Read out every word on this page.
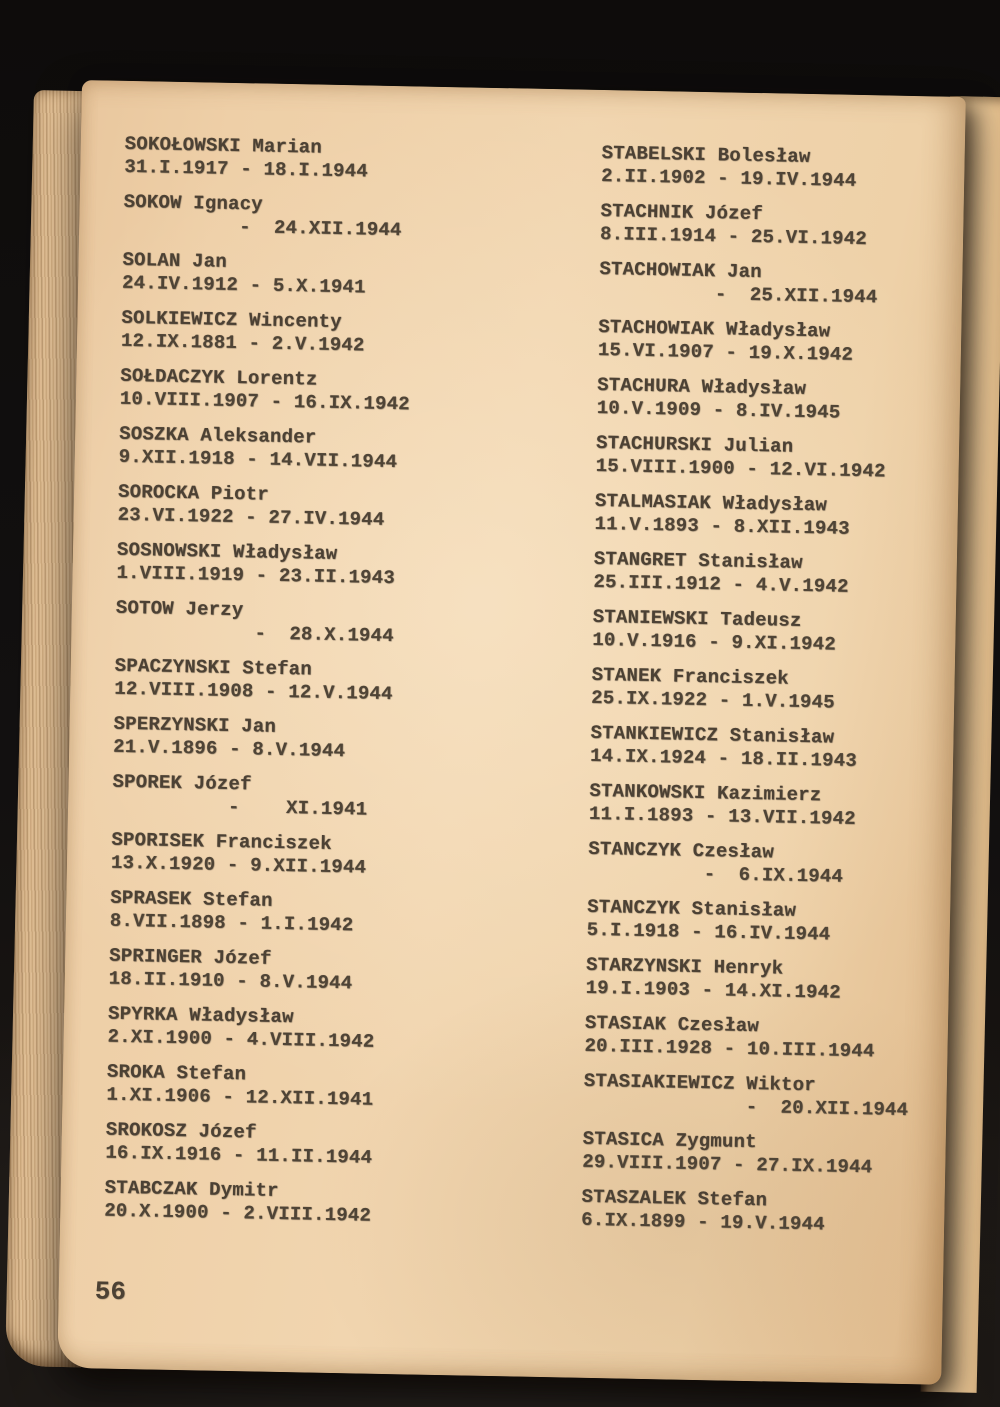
SOKOŁOWSKI Marian
31.I.1917 - 18.I.1944
SOKOW Ignacy
-  24.XII.1944
SOLAN Jan
24.IV.1912 - 5.X.1941
SOLKIEWICZ Wincenty
12.IX.1881 - 2.V.1942
SOŁDACZYK Lorentz
10.VIII.1907 - 16.IX.1942
SOSZKA Aleksander
9.XII.1918 - 14.VII.1944
SOROCKA Piotr
23.VI.1922 - 27.IV.1944
SOSNOWSKI Władysław
1.VIII.1919 - 23.II.1943
SOTOW Jerzy
-  28.X.1944
SPACZYNSKI Stefan
12.VIII.1908 - 12.V.1944
SPERZYNSKI Jan
21.V.1896 - 8.V.1944
SPOREK Józef
-    XI.1941
SPORISEK Franciszek
13.X.1920 - 9.XII.1944
SPRASEK Stefan
8.VII.1898 - 1.I.1942
SPRINGER Józef
18.II.1910 - 8.V.1944
SPYRKA Władysław
2.XI.1900 - 4.VIII.1942
SROKA Stefan
1.XI.1906 - 12.XII.1941
SROKOSZ Józef
16.IX.1916 - 11.II.1944
STABCZAK Dymitr
20.X.1900 - 2.VIII.1942
STABELSKI Bolesław
2.II.1902 - 19.IV.1944
STACHNIK Józef
8.III.1914 - 25.VI.1942
STACHOWIAK Jan
-  25.XII.1944
STACHOWIAK Władysław
15.VI.1907 - 19.X.1942
STACHURA Władysław
10.V.1909 - 8.IV.1945
STACHURSKI Julian
15.VIII.1900 - 12.VI.1942
STALMASIAK Władysław
11.V.1893 - 8.XII.1943
STANGRET Stanisław
25.III.1912 - 4.V.1942
STANIEWSKI Tadeusz
10.V.1916 - 9.XI.1942
STANEK Franciszek
25.IX.1922 - 1.V.1945
STANKIEWICZ Stanisław
14.IX.1924 - 18.II.1943
STANKOWSKI Kazimierz
11.I.1893 - 13.VII.1942
STANCZYK Czesław
-  6.IX.1944
STANCZYK Stanisław
5.I.1918 - 16.IV.1944
STARZYNSKI Henryk
19.I.1903 - 14.XI.1942
STASIAK Czesław
20.III.1928 - 10.III.1944
STASIAKIEWICZ Wiktor
-  20.XII.1944
STASICA Zygmunt
29.VIII.1907 - 27.IX.1944
STASZALEK Stefan
6.IX.1899 - 19.V.1944
56
